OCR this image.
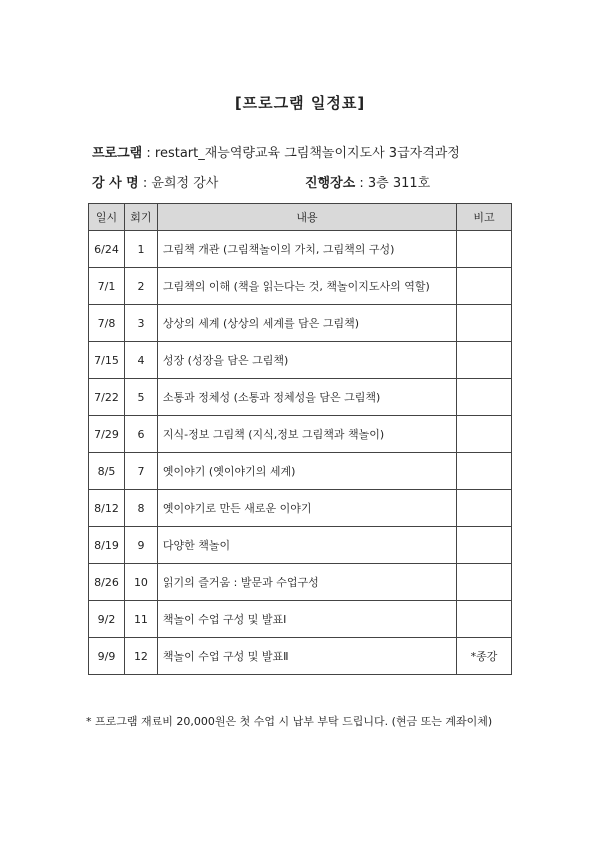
[프로그램 일정표]
프로그램 : restart_재능역량교육 그림책놀이지도사 3급자격과정
강 사 명 : 윤희정 강사	진행장소 : 3층 311호
일시	회기	내용	비고
6/24	1	그림책 개관 (그림책놀이의 가치, 그림책의 구성)	
7/1	2	그림책의 이해 (책을 읽는다는 것, 책놀이지도사의 역할)	
7/8	3	상상의 세계 (상상의 세계를 담은 그림책)	
7/15	4	성장 (성장을 담은 그림책)	
7/22	5	소통과 정체성 (소통과 정체성을 담은 그림책)	
7/29	6	지식-정보 그림책 (지식,정보 그림책과 책놀이)	
8/5	7	옛이야기 (옛이야기의 세계)	
8/12	8	옛이야기로 만든 새로운 이야기	
8/19	9	다양한 책놀이	
8/26	10	읽기의 즐거움 : 발문과 수업구성	
9/2	11	책놀이 수업 구성 및 발표Ⅰ	
9/9	12	책놀이 수업 구성 및 발표Ⅱ	*종강
* 프로그램 재료비 20,000원은 첫 수업 시 납부 부탁 드립니다. (현금 또는 계좌이체)
